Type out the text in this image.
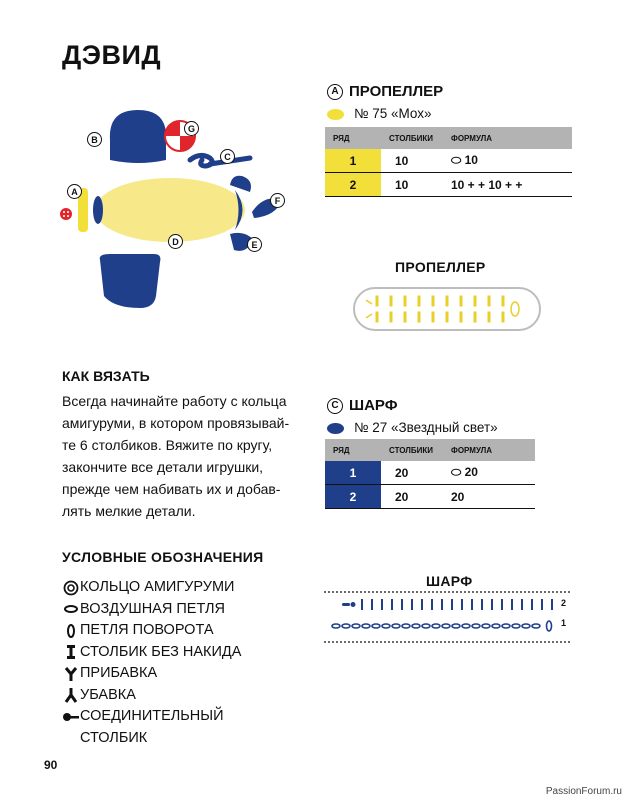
ДЭВИД
B
G
C
A
F
D	E
A ПРОПЕЛЛЕР
№ 75 «Мох»
РЯД	СТОЛБИКИ	ФОРМУЛА
1	10	⬭ 10
2	10	10 + + 10 + +
ПРОПЕЛЛЕР
КАК ВЯЗАТЬ
Всегда начинайте работу с кольца
амигуруми, в котором провязывай-
те 6 столбиков. Вяжите по кругу,
закончите все детали игрушки,
прежде чем набивать их и добав-
лять мелкие детали.
C ШАРФ
№ 27 «Звездный свет»
РЯД	СТОЛБИКИ	ФОРМУЛА
1	20	⬭ 20
2	20	20
ШАРФ
2
1
УСЛОВНЫЕ ОБОЗНАЧЕНИЯ
КОЛЬЦО АМИГУРУМИ
ВОЗДУШНАЯ ПЕТЛЯ
ПЕТЛЯ ПОВОРОТА
СТОЛБИК БЕЗ НАКИДА
ПРИБАВКА
УБАВКА
СОЕДИНИТЕЛЬНЫЙ
СТОЛБИК
90
PassionForum.ru
